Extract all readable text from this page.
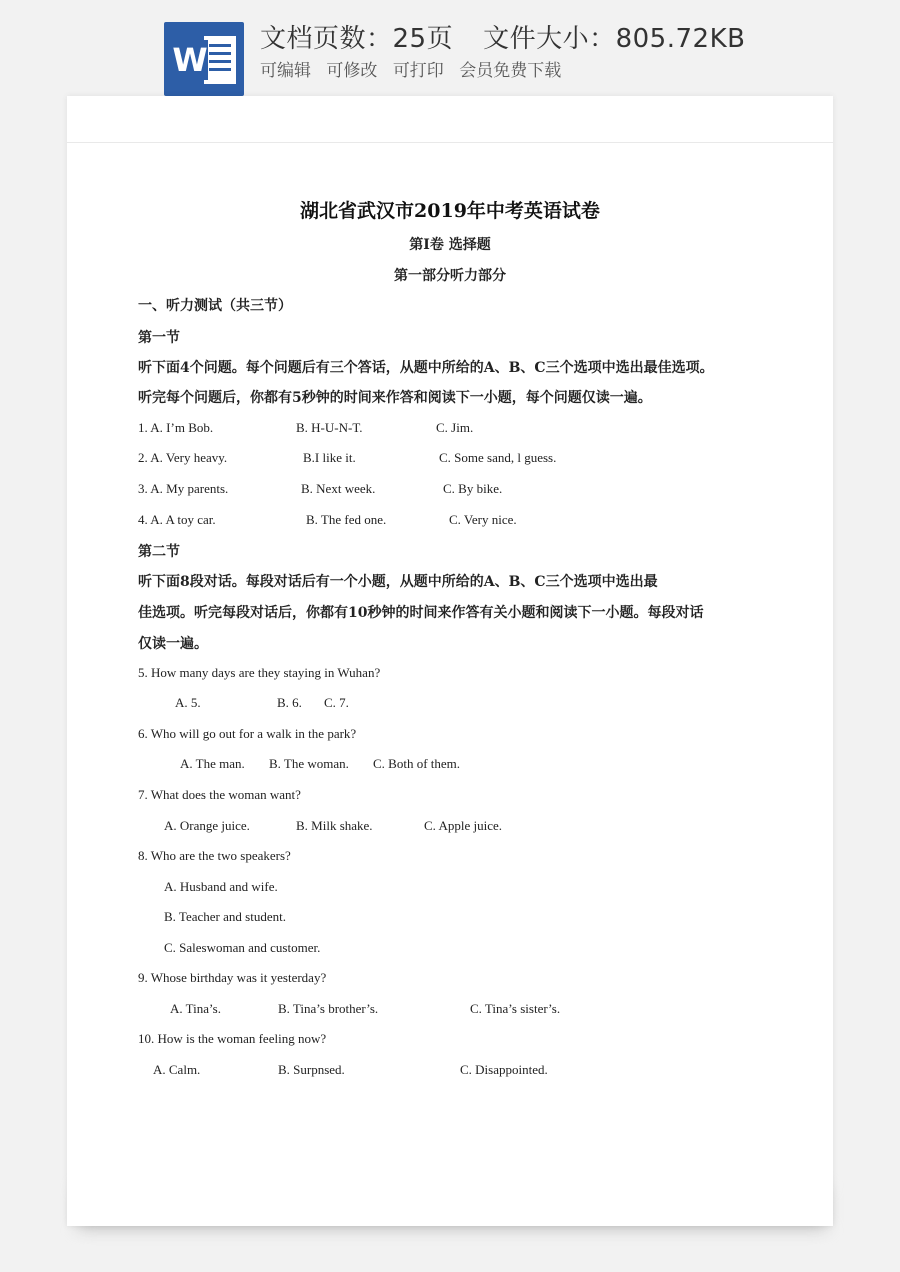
W
文档页数：25页 文件大小：805.72KB
可编辑 可修改 可打印 会员免费下载
湖北省武汉市2019年中考英语试卷
第Ⅰ卷 选择题
第一部分听力部分
一、听力测试（共三节）
第一节
听下面4个问题。每个问题后有三个答话，从题中所给的A、B、C三个选项中选出最佳选项。
听完每个问题后，你都有5秒钟的时间来作答和阅读下一小题，每个问题仅读一遍。
1. A. I’m Bob.	B. H-U-N-T.	C. Jim.
2. A. Very heavy.	B.I like it.	C. Some sand, l guess.
3. A. My parents.	B. Next week.	C. By bike.
4. A. A toy car.	B. The fed one.	C. Very nice.
第二节
听下面8段对话。每段对话后有一个小题，从题中所给的A、B、C三个选项中选出最
佳选项。听完每段对话后，你都有10秒钟的时间来作答有关小题和阅读下一小题。每段对话
仅读一遍。
5. How many days are they staying in Wuhan?
A. 5.	B. 6. C. 7.
6. Who will go out for a walk in the park?
A. The man. B. The woman. C. Both of them.
7. What does the woman want?
A. Orange juice.	B. Milk shake.	C. Apple juice.
8. Who are the two speakers?
A. Husband and wife.
B. Teacher and student.
C. Saleswoman and customer.
9. Whose birthday was it yesterday?
A. Tina’s.	B. Tina’s brother’s.	C. Tina’s sister’s.
10. How is the woman feeling now?
A. Calm.	B. Surpnsed.	C. Disappointed.
